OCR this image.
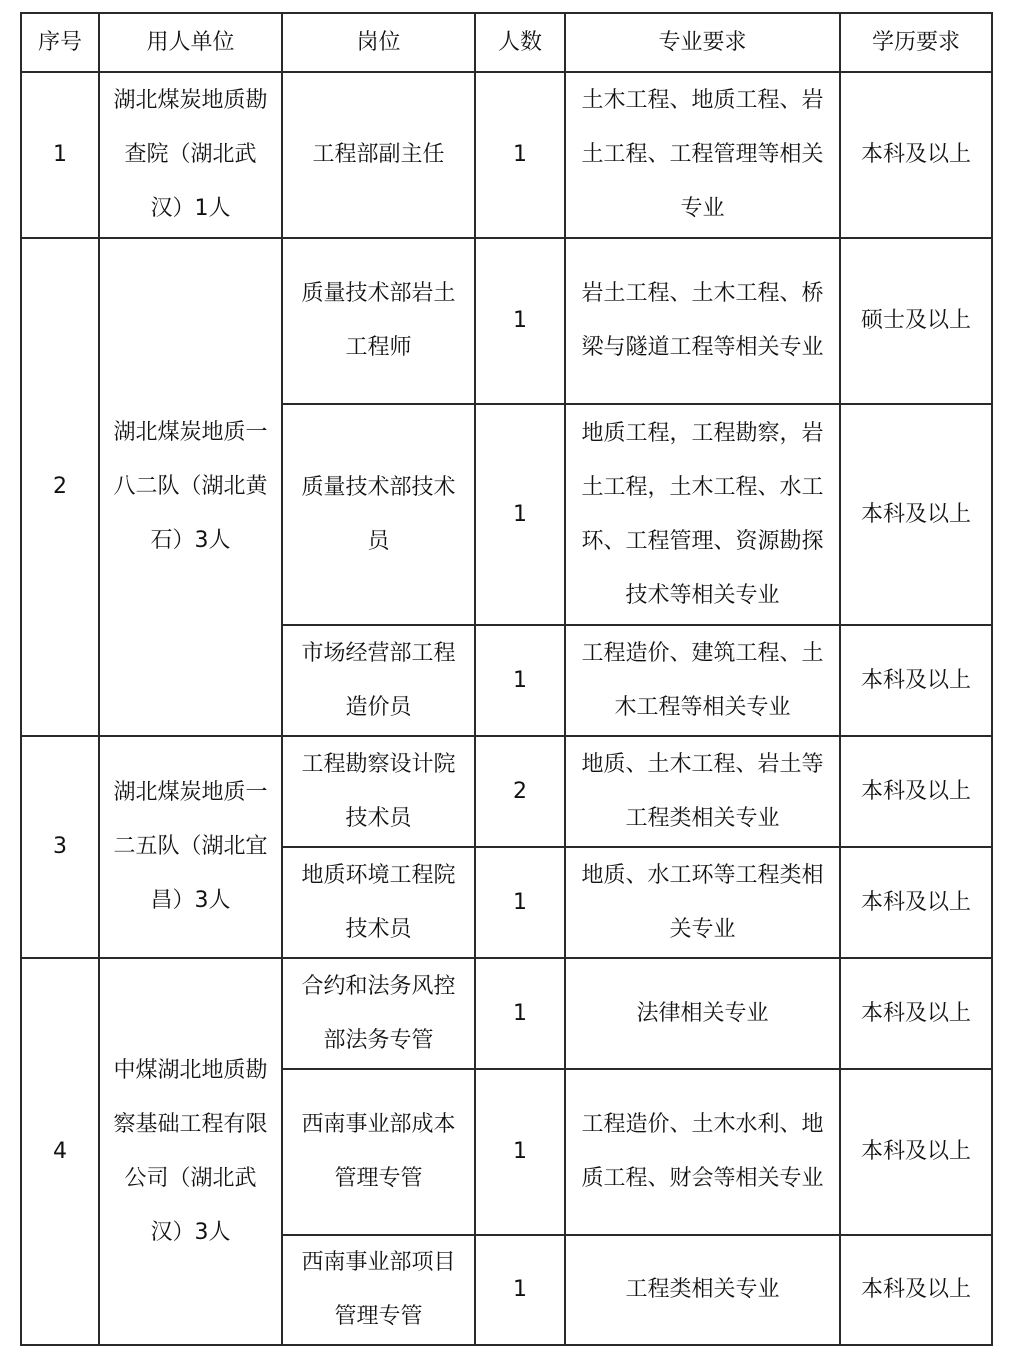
序号	用人单位	岗位	人数	专业要求	学历要求
1	湖北煤炭地质勘查院（湖北武汉）1人	工程部副主任	1	土木工程、地质工程、岩土工程、工程管理等相关专业	本科及以上
2	湖北煤炭地质一八二队（湖北黄石）3人	质量技术部岩土工程师	1	岩土工程、土木工程、桥梁与隧道工程等相关专业	硕士及以上
		质量技术部技术员	1	地质工程，工程勘察，岩土工程，土木工程、水工环、工程管理、资源勘探技术等相关专业	本科及以上
		市场经营部工程造价员	1	工程造价、建筑工程、土木工程等相关专业	本科及以上
3	湖北煤炭地质一二五队（湖北宜昌）3人	工程勘察设计院技术员	2	地质、土木工程、岩土等工程类相关专业	本科及以上
		地质环境工程院技术员	1	地质、水工环等工程类相关专业	本科及以上
4	中煤湖北地质勘察基础工程有限公司（湖北武汉）3人	合约和法务风控部法务专管	1	法律相关专业	本科及以上
		西南事业部成本管理专管	1	工程造价、土木水利、地质工程、财会等相关专业	本科及以上
		西南事业部项目管理专管	1	工程类相关专业	本科及以上
